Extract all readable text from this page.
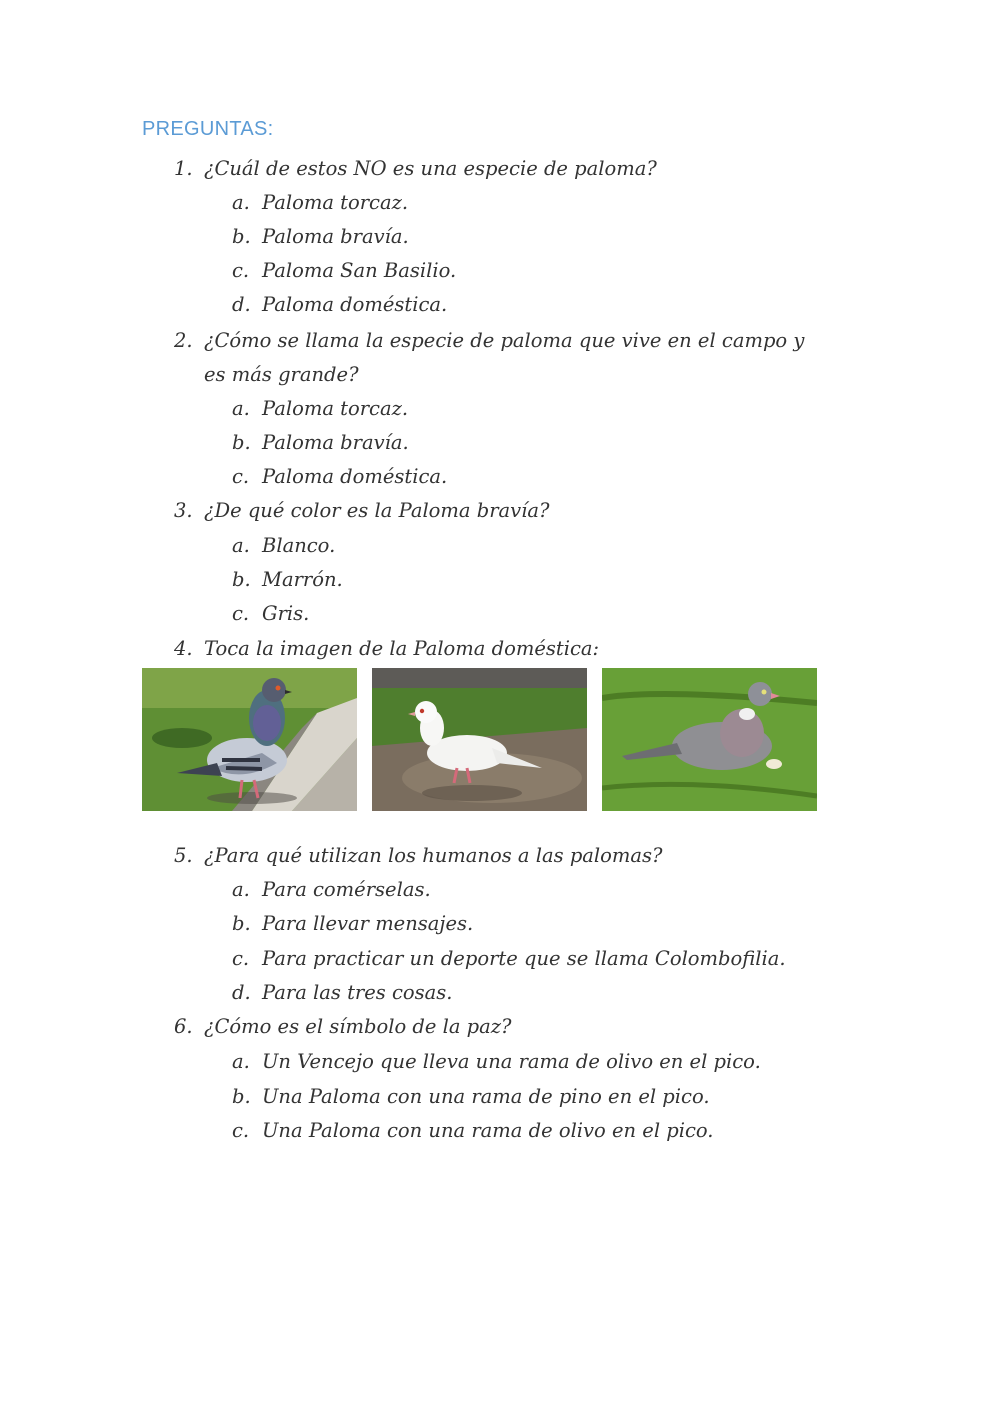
PREGUNTAS:
1. ¿Cuál de estos NO es una especie de paloma?
a. Paloma torcaz.
b. Paloma bravía.
c. Paloma San Basilio.
d. Paloma doméstica.
2. ¿Cómo se llama la especie de paloma que vive en el campo y
es más grande?
a. Paloma torcaz.
b. Paloma bravía.
c. Paloma doméstica.
3. ¿De qué color es la Paloma bravía?
a. Blanco.
b. Marrón.
c. Gris.
4. Toca la imagen de la Paloma doméstica:
5. ¿Para qué utilizan los humanos a las palomas?
a. Para comérselas.
b. Para llevar mensajes.
c. Para practicar un deporte que se llama Colombofilia.
d. Para las tres cosas.
6. ¿Cómo es el símbolo de la paz?
a. Un Vencejo que lleva una rama de olivo en el pico.
b. Una Paloma con una rama de pino en el pico.
c. Una Paloma con una rama de olivo en el pico.
